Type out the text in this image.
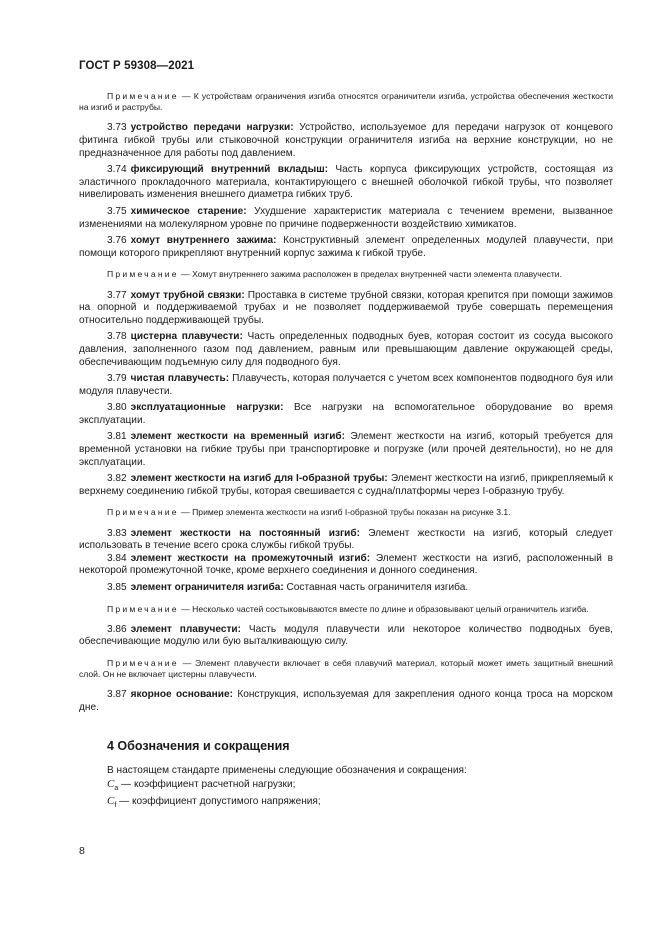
ГОСТ Р 59308—2021
Примечание — К устройствам ограничения изгиба относятся ограничители изгиба, устройства обеспечения жесткости на изгиб и раструбы.
3.73 устройство передачи нагрузки: Устройство, используемое для передачи нагрузок от концевого фитинга гибкой трубы или стыковочной конструкции ограничителя изгиба на верхние конструкции, но не предназначенное для работы под давлением.
3.74 фиксирующий внутренний вкладыш: Часть корпуса фиксирующих устройств, состоящая из эластичного прокладочного материала, контактирующего с внешней оболочкой гибкой трубы, что позволяет нивелировать изменения внешнего диаметра гибких труб.
3.75 химическое старение: Ухудшение характеристик материала с течением времени, вызванное изменениями на молекулярном уровне по причине подверженности воздействию химикатов.
3.76 хомут внутреннего зажима: Конструктивный элемент определенных модулей плавучести, при помощи которого прикрепляют внутренний корпус зажима к гибкой трубе.
Примечание — Хомут внутреннего зажима расположен в пределах внутренней части элемента плавучести.
3.77 хомут трубной связки: Проставка в системе трубной связки, которая крепится при помощи зажимов на опорной и поддерживаемой трубах и не позволяет поддерживаемой трубе совершать перемещения относительно поддерживающей трубы.
3.78 цистерна плавучести: Часть определенных подводных буев, которая состоит из сосуда высокого давления, заполненного газом под давлением, равным или превышающим давление окружающей среды, обеспечивающим подъемную силу для подводного буя.
3.79 чистая плавучесть: Плавучесть, которая получается с учетом всех компонентов подводного буя или модуля плавучести.
3.80 эксплуатационные нагрузки: Все нагрузки на вспомогательное оборудование во время эксплуатации.
3.81 элемент жесткости на временный изгиб: Элемент жесткости на изгиб, который требуется для временной установки на гибкие трубы при транспортировке и погрузке (или прочей деятельности), но не для эксплуатации.
3.82 элемент жесткости на изгиб для I-образной трубы: Элемент жесткости на изгиб, прикрепляемый к верхнему соединению гибкой трубы, которая свешивается с судна/платформы через I-образную трубу.
Примечание — Пример элемента жесткости на изгиб I-образной трубы показан на рисунке 3.1.
3.83 элемент жесткости на постоянный изгиб: Элемент жесткости на изгиб, который следует использовать в течение всего срока службы гибкой трубы.
3.84 элемент жесткости на промежуточный изгиб: Элемент жесткости на изгиб, расположенный в некоторой промежуточной точке, кроме верхнего соединения и донного соединения.
3.85 элемент ограничителя изгиба: Составная часть ограничителя изгиба.
Примечание — Несколько частей состыковываются вместе по длине и образовывают целый ограничитель изгиба.
3.86 элемент плавучести: Часть модуля плавучести или некоторое количество подводных буев, обеспечивающие модулю или бую выталкивающую силу.
Примечание — Элемент плавучести включает в себя плавучий материал, который может иметь защитный внешний слой. Он не включает цистерны плавучести.
3.87 якорное основание: Конструкция, используемая для закрепления одного конца троса на морском дне.
4 Обозначения и сокращения

В настоящем стандарте применены следующие обозначения и сокращения:

$C_a$ — коэффициент расчетной нагрузки;

$C_f$ — коэффициент допустимого напряжения;

8
